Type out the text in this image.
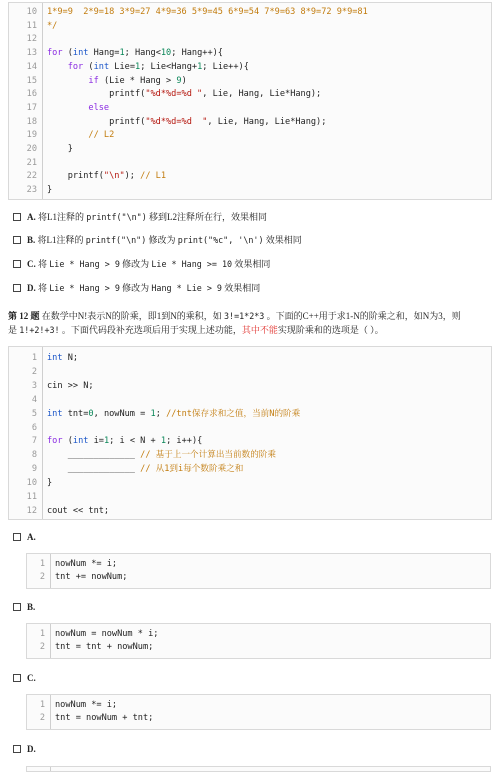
10 1*9=9  2*9=18 3*9=27 4*9=36 5*9=45 6*9=54 7*9=63 8*9=72 9*9=81
11 */
12
13 for (int Hang=1; Hang<10; Hang++){
14	for (int Lie=1; Lie<Hang+1; Lie++){
15	if (Lie * Hang > 9)
16 printf("%d*%d=%d ", Lie, Hang, Lie*Hang);
17	else
18 printf("%d*%d=%d  ", Lie, Hang, Lie*Hang);
19	// L2
20 }
21
22 printf("\n"); // L1
23 }
A. 将L1注释的 printf("\n") 移到L2注释所在行，效果相同
B. 将L1注释的 printf("\n") 修改为 print("%c", '\n') 效果相同
C. 将 Lie * Hang > 9 修改为 Lie * Hang >= 10 效果相同
D. 将 Lie * Hang > 9 修改为 Hang * Lie > 9 效果相同
第 12 题 在数学中N!表示N的阶乘，即1到N的乘积，如 3!=1*2*3 。下面的C++用于求1-N的阶乘之和，如N为3，则
是 1!+2!+3! 。下面代码段补充选项后用于实现上述功能，其中不能实现阶乘和的选项是（ ）。
1 int N;
2
3 cin >> N;
4
5 int tnt=0, nowNum = 1; //tnt保存求和之值，当前N的阶乘
6
7 for (int i=1; i < N + 1; i++){
8 _____________ // 基于上一个计算出当前数的阶乘
9 _____________ // 从1到i每个数阶乘之和
10 }
11
12 cout << tnt;
A.
1 nowNum *= i;
2 tnt += nowNum;
B.
1 nowNum = nowNum * i;
2 tnt = tnt + nowNum;
C.
1 nowNum *= i;
2 tnt = nowNum + tnt;
D.
